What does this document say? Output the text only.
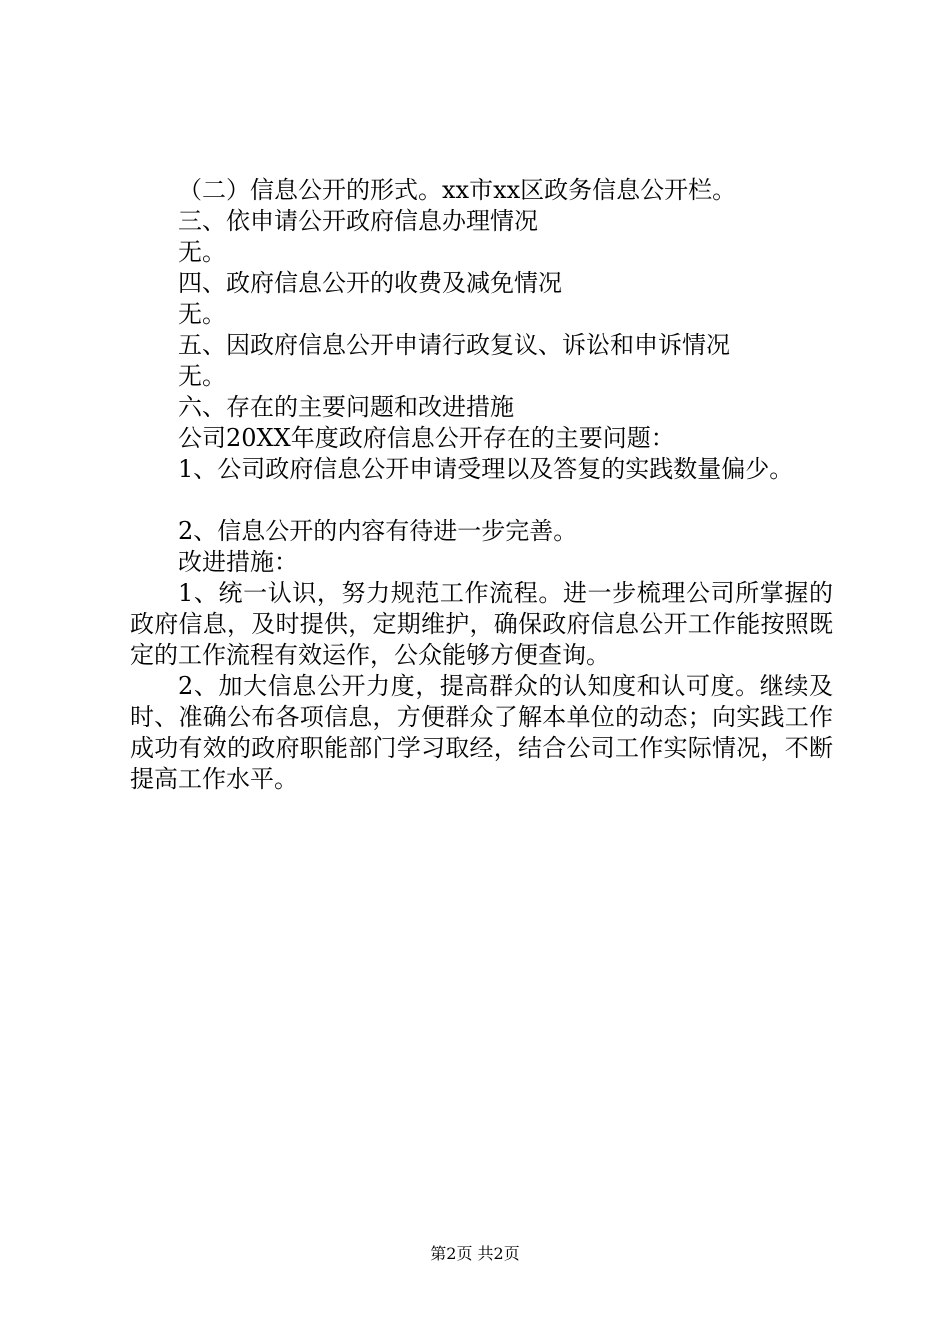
（二）信息公开的形式。xx市xx区政务信息公开栏。

三、依申请公开政府信息办理情况

无。

四、政府信息公开的收费及减免情况

无。

五、因政府信息公开申请行政复议、诉讼和申诉情况

无。

六、存在的主要问题和改进措施

公司20XX年度政府信息公开存在的主要问题：

1、公司政府信息公开申请受理以及答复的实践数量偏少。

2、信息公开的内容有待进一步完善。

改进措施：

1、统一认识，努力规范工作流程。进一步梳理公司所掌握的政府信息，及时提供，定期维护，确保政府信息公开工作能按照既定的工作流程有效运作，公众能够方便查询。

2、加大信息公开力度，提高群众的认知度和认可度。继续及时、准确公布各项信息，方便群众了解本单位的动态；向实践工作成功有效的政府职能部门学习取经，结合公司工作实际情况，不断提高工作水平。

第2页 共2页
